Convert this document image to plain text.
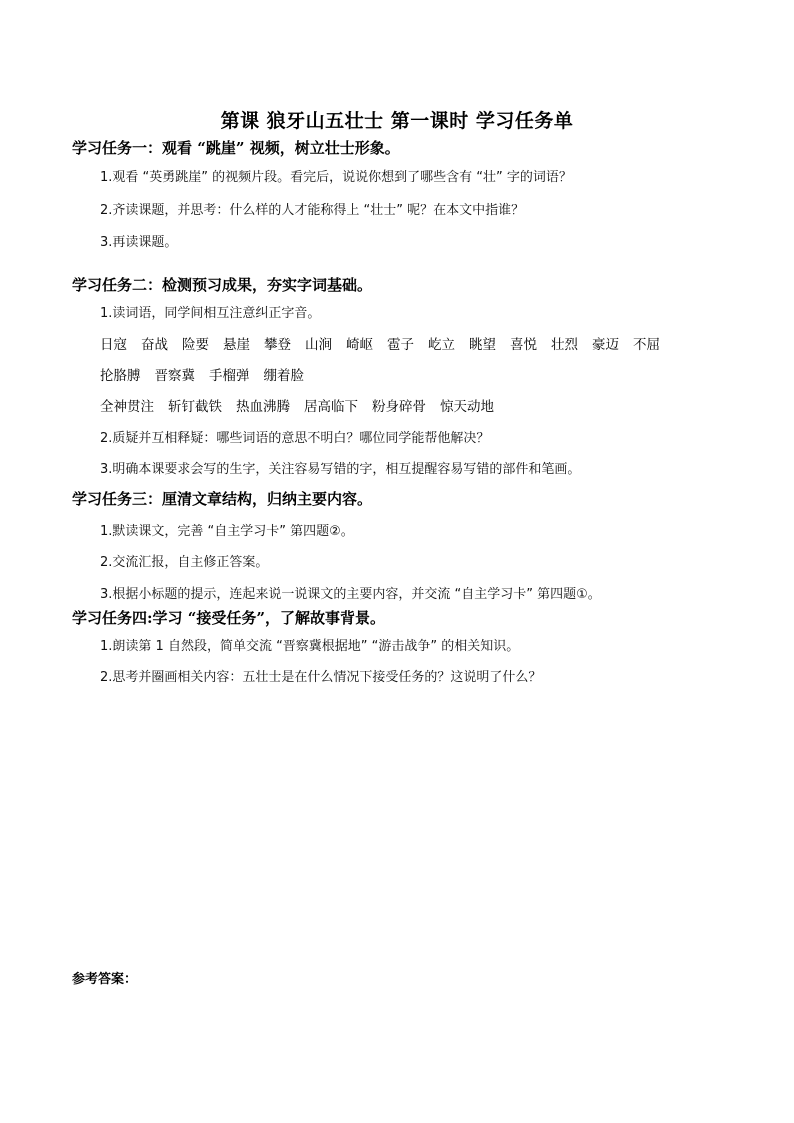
第课 狼牙山五壮士 第一课时 学习任务单
学习任务一：观看 “跳崖” 视频，树立壮士形象。
1.观看 “英勇跳崖” 的视频片段。看完后，说说你想到了哪些含有 “壮” 字的词语？
2.齐读课题，并思考：什么样的人才能称得上 “壮士” 呢？在本文中指谁？
3.再读课题。
学习任务二：检测预习成果，夯实字词基础。
1.读词语，同学间相互注意纠正字音。
日寇 奋战 险要 悬崖 攀登 山涧 崎岖 雹子 屹立 眺望 喜悦 壮烈 豪迈 不屈
抡胳膊 晋察冀 手榴弹 绷着脸
全神贯注 斩钉截铁 热血沸腾 居高临下 粉身碎骨 惊天动地
2.质疑并互相释疑：哪些词语的意思不明白？哪位同学能帮他解决？
3.明确本课要求会写的生字，关注容易写错的字，相互提醒容易写错的部件和笔画。
学习任务三：厘清文章结构，归纳主要内容。
1.默读课文，完善 “自主学习卡” 第四题②。
2.交流汇报，自主修正答案。
3.根据小标题的提示，连起来说一说课文的主要内容，并交流 “自主学习卡” 第四题①。
学习任务四:学习 “接受任务”，了解故事背景。
1.朗读第 1 自然段，简单交流 “晋察冀根据地” “游击战争” 的相关知识。
2.思考并圈画相关内容：五壮士是在什么情况下接受任务的？这说明了什么？
参考答案：
